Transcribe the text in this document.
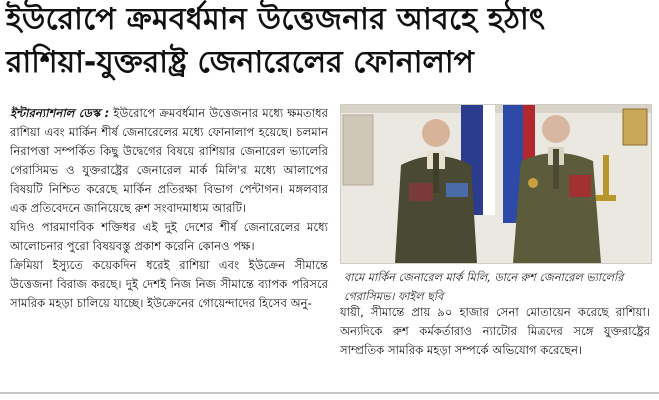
ইউরোপে ক্রমবর্ধমান উত্তেজনার আবহে হঠাৎ
রাশিয়া-যুক্তরাষ্ট্র জেনারেলের ফোনালাপ

ইন্টারন্যাশনাল ডেস্ক : ইউরোপে ক্রমবর্ধমান উত্তেজনার মধ্যে ক্ষমতাধর রাশিয়া এবং মার্কিন শীর্ষ জেনারেলের মধ্যে ফোনালাপ হয়েছে। চলমান নিরাপত্তা সম্পর্কিত কিছু উদ্বেগের বিষয়ে রাশিয়ার জেনারেল ভ্যালেরি গেরাসিমভ ও যুক্তরাষ্ট্রের জেনারেল মার্ক মিলি'র মধ্যে আলাপের বিষয়টি নিশ্চিত করেছে মার্কিন প্রতিরক্ষা বিভাগ পেন্টাগন। মঙ্গলবার এক প্রতিবেদনে জানিয়েছে রুশ সংবাদমাধ্যম আরটি।

যদিও পারমাণবিক শক্তিধর এই দুই দেশের শীর্ষ জেনারেলের মধ্যে আলোচনার পুরো বিষয়বস্তু প্রকাশ করেনি কোনও পক্ষ।

ক্রিমিয়া ইস্যুতে কয়েকদিন ধরেই রাশিয়া এবং ইউক্রেন সীমান্তে উত্তেজনা বিরাজ করছে। দুই দেশই নিজ নিজ সীমান্তে ব্যাপক পরিসরে সামরিক মহড়া চালিয়ে যাচ্ছে। ইউক্রেনের গোয়েন্দাদের হিসেব অনু-

বামে মার্কিন জেনারেল মার্ক মিলি, ডানে রুশ জেনারেল ভ্যালেরি গেরাসিমভ। ফাইল ছবি

যায়ী, সীমান্তে প্রায় ৯০ হাজার সেনা মোতায়েন করেছে রাশিয়া। অন্যদিকে রুশ কর্মকর্তারাও ন্যাটোর মিত্রদের সঙ্গে যুক্তরাষ্ট্রের সাম্প্রতিক সামরিক মহড়া সম্পর্কে অভিযোগ করেছেন।
